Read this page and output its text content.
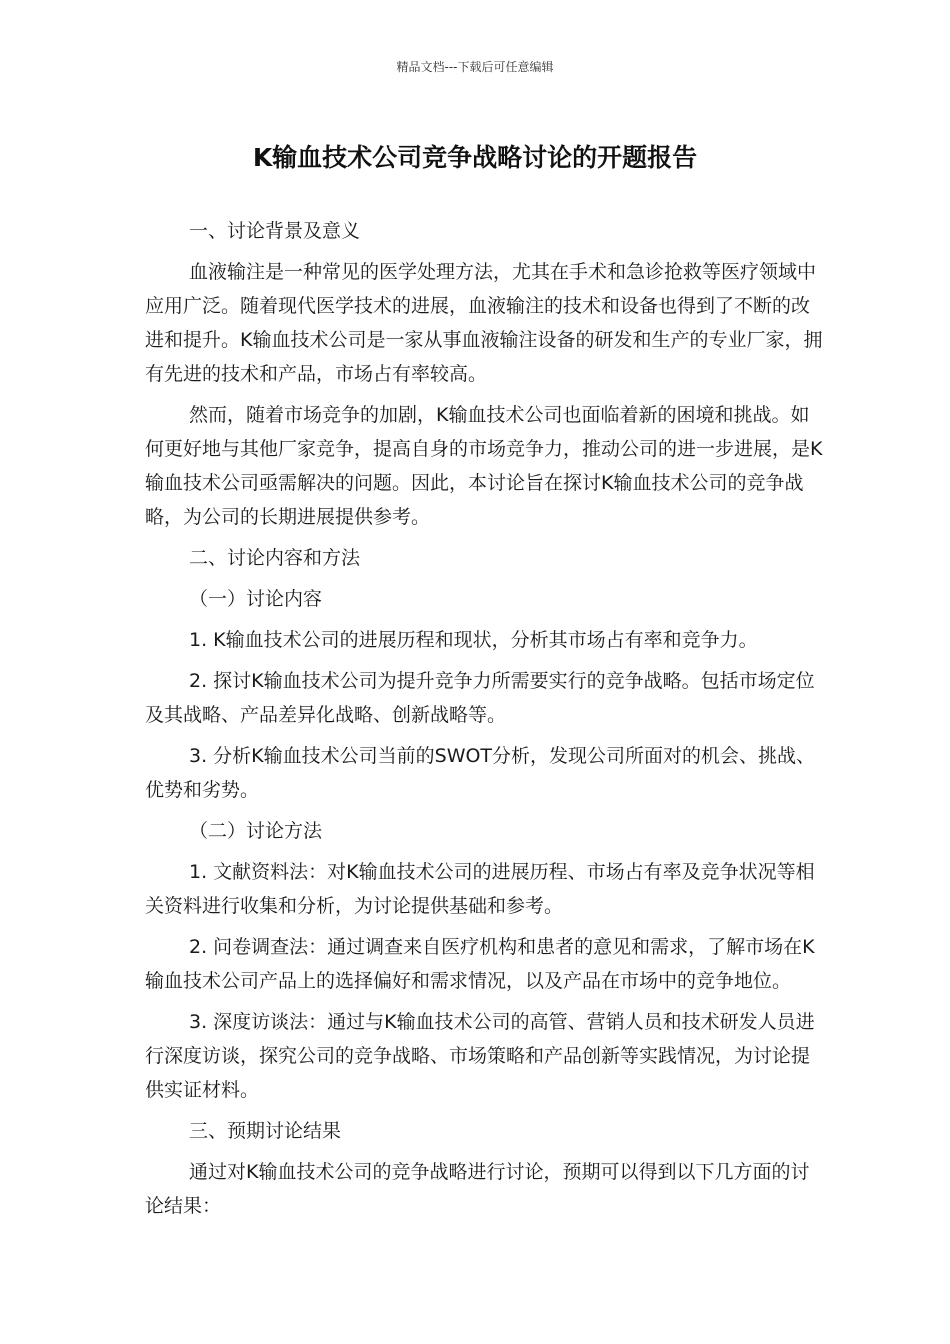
精品文档---下载后可任意编辑
K输血技术公司竞争战略讨论的开题报告

一、讨论背景及意义

血液输注是一种常见的医学处理方法，尤其在手术和急诊抢救等医疗领域中应用广泛。随着现代医学技术的进展，血液输注的技术和设备也得到了不断的改进和提升。K输血技术公司是一家从事血液输注设备的研发和生产的专业厂家，拥有先进的技术和产品，市场占有率较高。

然而，随着市场竞争的加剧，K输血技术公司也面临着新的困境和挑战。如何更好地与其他厂家竞争，提高自身的市场竞争力，推动公司的进一步进展，是K输血技术公司亟需解决的问题。因此，本讨论旨在探讨K输血技术公司的竞争战略，为公司的长期进展提供参考。

二、讨论内容和方法

（一）讨论内容

1. K输血技术公司的进展历程和现状，分析其市场占有率和竞争力。

2. 探讨K输血技术公司为提升竞争力所需要实行的竞争战略。包括市场定位及其战略、产品差异化战略、创新战略等。

3. 分析K输血技术公司当前的SWOT分析，发现公司所面对的机会、挑战、优势和劣势。

（二）讨论方法

1. 文献资料法：对K输血技术公司的进展历程、市场占有率及竞争状况等相关资料进行收集和分析，为讨论提供基础和参考。

2. 问卷调查法：通过调查来自医疗机构和患者的意见和需求，了解市场在K输血技术公司产品上的选择偏好和需求情况，以及产品在市场中的竞争地位。

3. 深度访谈法：通过与K输血技术公司的高管、营销人员和技术研发人员进行深度访谈，探究公司的竞争战略、市场策略和产品创新等实践情况，为讨论提供实证材料。

三、预期讨论结果

通过对K输血技术公司的竞争战略进行讨论，预期可以得到以下几方面的讨论结果：
